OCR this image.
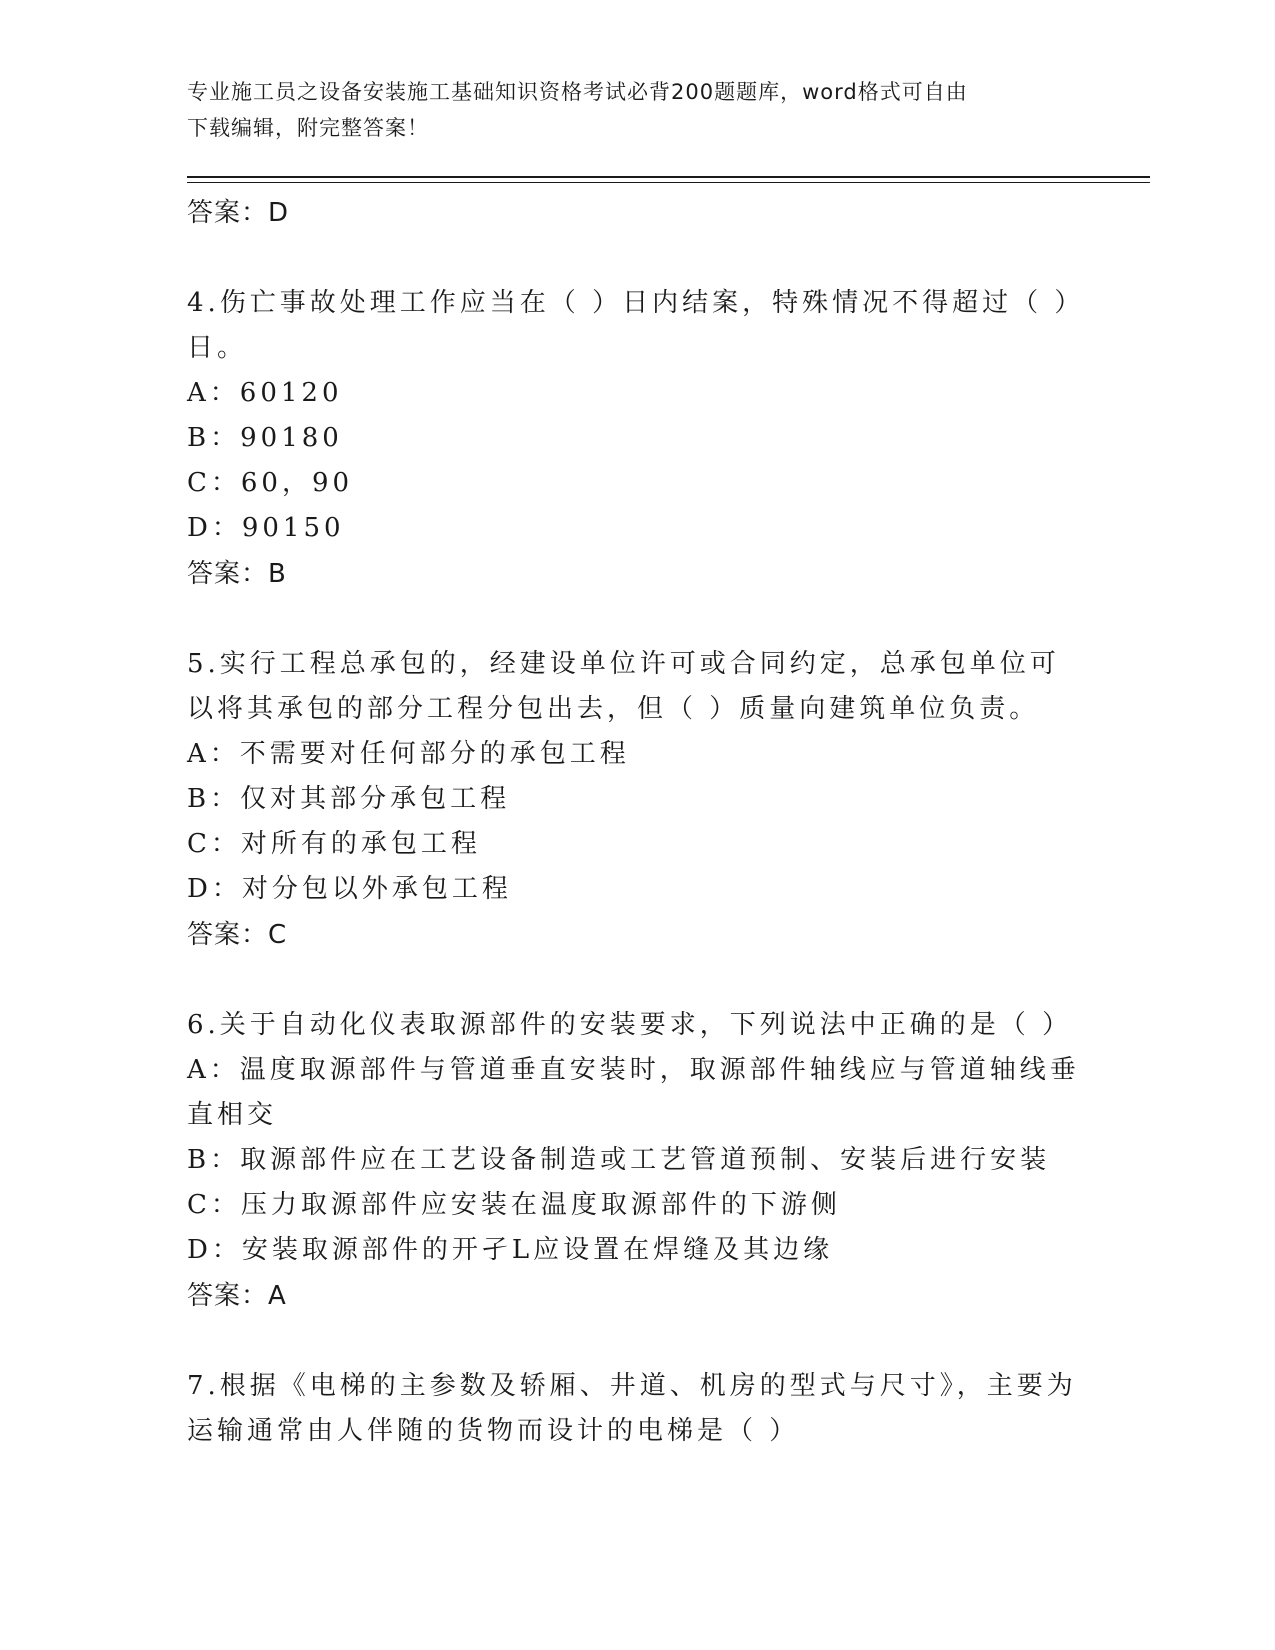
专业施工员之设备安装施工基础知识资格考试必背200题题库，word格式可自由
下载编辑，附完整答案！
答案：D
4.伤亡事故处理工作应当在（ ）日内结案，特殊情况不得超过（ ）日。
A：60120
B：90180
C：60，90
D：90150
答案：B
5.实行工程总承包的，经建设单位许可或合同约定，总承包单位可以将其承包的部分工程分包出去，但（ ）质量向建筑单位负责。
A：不需要对任何部分的承包工程
B：仅对其部分承包工程
C：对所有的承包工程
D：对分包以外承包工程
答案：C
6.关于自动化仪表取源部件的安装要求，下列说法中正确的是（ ）
A：温度取源部件与管道垂直安装时，取源部件轴线应与管道轴线垂直相交
B：取源部件应在工艺设备制造或工艺管道预制、安装后进行安装
C：压力取源部件应安装在温度取源部件的下游侧
D：安装取源部件的开孑L应设置在焊缝及其边缘
答案：A
7.根据《电梯的主参数及轿厢、井道、机房的型式与尺寸》，主要为运输通常由人伴随的货物而设计的电梯是（ ）
